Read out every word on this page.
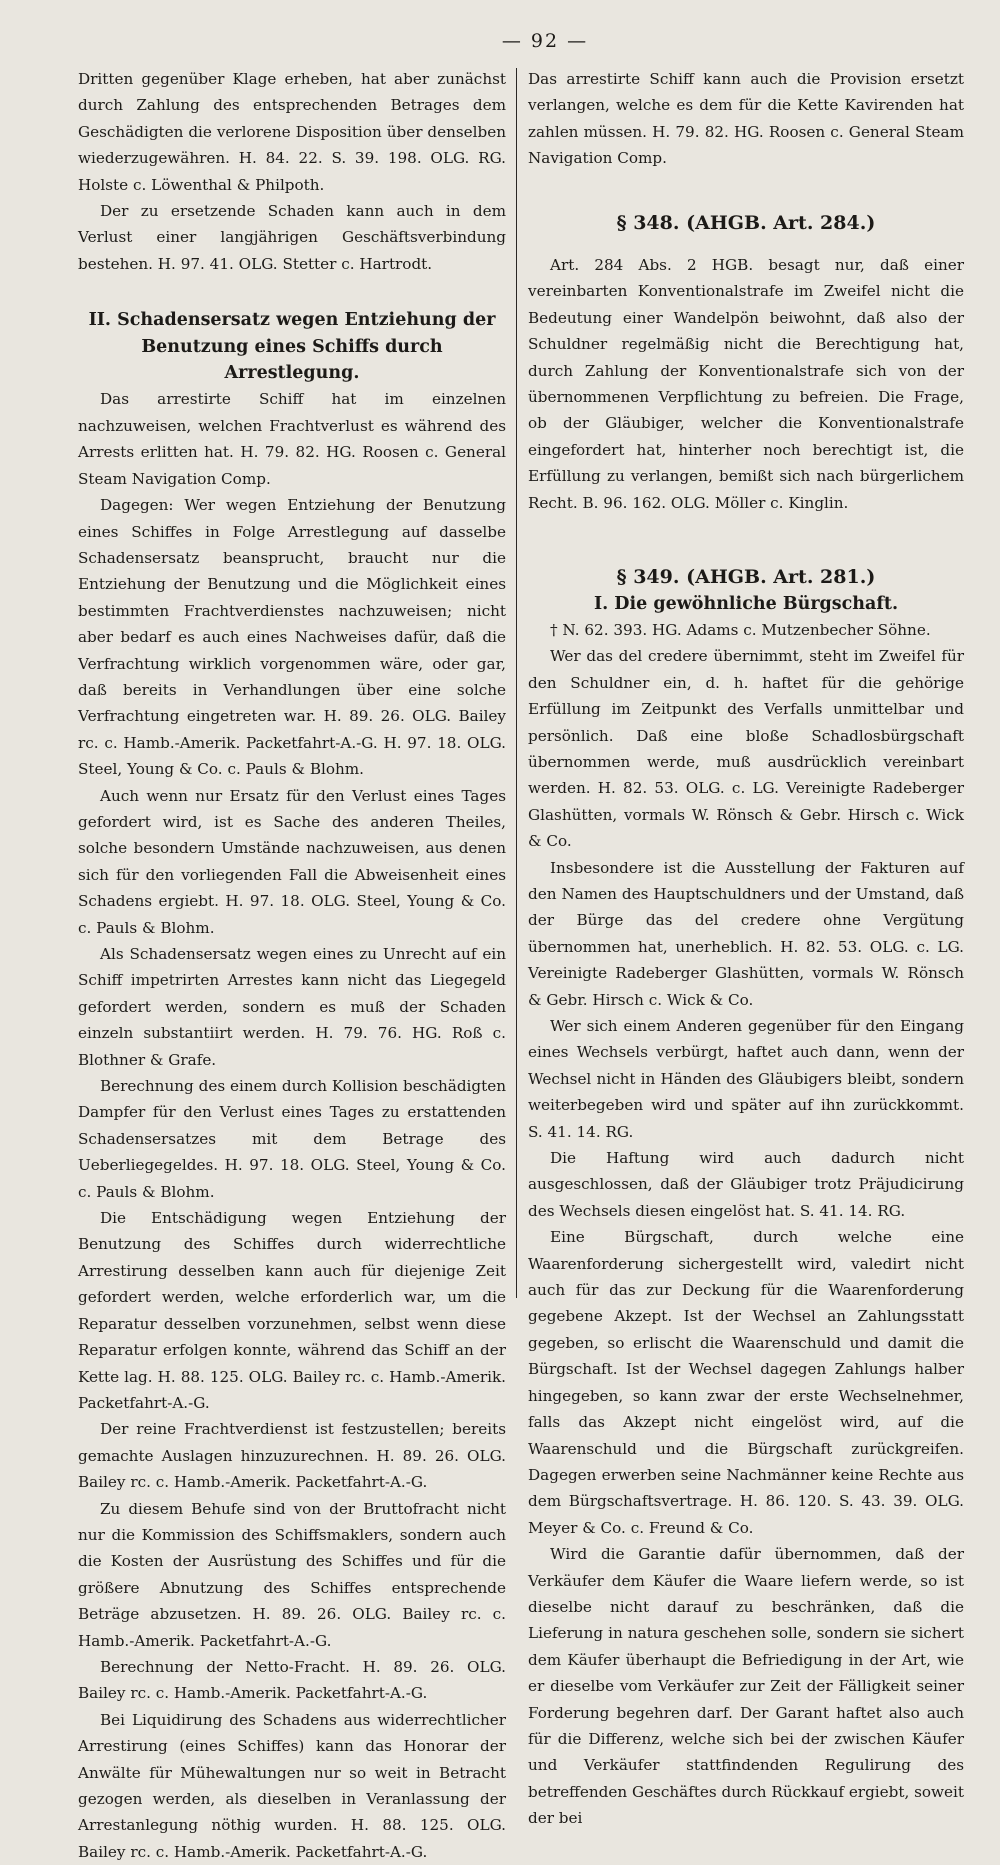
— 92 —

Dritten gegenüber Klage erheben, hat aber zunächst durch Zahlung des entsprechenden Betrages dem Geschädigten die verlorene Disposition über denselben wiederzugewähren. H. 84. 22. S. 39. 198. OLG. RG. Holste c. Löwenthal & Philpoth.

Der zu ersetzende Schaden kann auch in dem Verlust einer langjährigen Geschäftsverbindung bestehen. H. 97. 41. OLG. Stetter c. Hartrodt.

II. Schadensersatz wegen Entziehung der Benutzung eines Schiffs durch Arrestlegung.

Das arrestirte Schiff hat im einzelnen nachzuweisen, welchen Frachtverlust es während des Arrests erlitten hat. H. 79. 82. HG. Roosen c. General Steam Navigation Comp.

Dagegen: Wer wegen Entziehung der Benutzung eines Schiffes in Folge Arrestlegung auf dasselbe Schadensersatz beansprucht, braucht nur die Entziehung der Benutzung und die Möglichkeit eines bestimmten Frachtverdienstes nachzuweisen; nicht aber bedarf es auch eines Nachweises dafür, daß die Verfrachtung wirklich vorgenommen wäre, oder gar, daß bereits in Verhandlungen über eine solche Verfrachtung eingetreten war. H. 89. 26. OLG. Bailey rc. c. Hamb.-Amerik. Packetfahrt-A.-G. H. 97. 18. OLG. Steel, Young & Co. c. Pauls & Blohm.

Auch wenn nur Ersatz für den Verlust eines Tages gefordert wird, ist es Sache des anderen Theiles, solche besondern Umstände nachzuweisen, aus denen sich für den vorliegenden Fall die Abweisenheit eines Schadens ergiebt. H. 97. 18. OLG. Steel, Young & Co. c. Pauls & Blohm.

Als Schadensersatz wegen eines zu Unrecht auf ein Schiff impetrirten Arrestes kann nicht das Liegegeld gefordert werden, sondern es muß der Schaden einzeln substantiirt werden. H. 79. 76. HG. Roß c. Blothner & Grafe.

Berechnung des einem durch Kollision beschädigten Dampfer für den Verlust eines Tages zu erstattenden Schadensersatzes mit dem Betrage des Ueberliegegeldes. H. 97. 18. OLG. Steel, Young & Co. c. Pauls & Blohm.

Die Entschädigung wegen Entziehung der Benutzung des Schiffes durch widerrechtliche Arrestirung desselben kann auch für diejenige Zeit gefordert werden, welche erforderlich war, um die Reparatur desselben vorzunehmen, selbst wenn diese Reparatur erfolgen konnte, während das Schiff an der Kette lag. H. 88. 125. OLG. Bailey rc. c. Hamb.-Amerik. Packetfahrt-A.-G.

Der reine Frachtverdienst ist festzustellen; bereits gemachte Auslagen hinzuzurechnen. H. 89. 26. OLG. Bailey rc. c. Hamb.-Amerik. Packetfahrt-A.-G.

Zu diesem Behufe sind von der Bruttofracht nicht nur die Kommission des Schiffsmaklers, sondern auch die Kosten der Ausrüstung des Schiffes und für die größere Abnutzung des Schiffes entsprechende Beträge abzusetzen. H. 89. 26. OLG. Bailey rc. c. Hamb.-Amerik. Packetfahrt-A.-G.

Berechnung der Netto-Fracht. H. 89. 26. OLG. Bailey rc. c. Hamb.-Amerik. Packetfahrt-A.-G.

Bei Liquidirung des Schadens aus widerrechtlicher Arrestirung (eines Schiffes) kann das Honorar der Anwälte für Mühewaltungen nur so weit in Betracht gezogen werden, als dieselben in Veranlassung der Arrestanlegung nöthig wurden. H. 88. 125. OLG. Bailey rc. c. Hamb.-Amerik. Packetfahrt-A.-G.

Das arrestirte Schiff kann auch die Provision ersetzt verlangen, welche es dem für die Kette Kavirenden hat zahlen müssen. H. 79. 82. HG. Roosen c. General Steam Navigation Comp.

§ 348. (AHGB. Art. 284.)

Art. 284 Abs. 2 HGB. besagt nur, daß einer vereinbarten Konventionalstrafe im Zweifel nicht die Bedeutung einer Wandelpön beiwohnt, daß also der Schuldner regelmäßig nicht die Berechtigung hat, durch Zahlung der Konventionalstrafe sich von der übernommenen Verpflichtung zu befreien. Die Frage, ob der Gläubiger, welcher die Konventionalstrafe eingefordert hat, hinterher noch berechtigt ist, die Erfüllung zu verlangen, bemißt sich nach bürgerlichem Recht. B. 96. 162. OLG. Möller c. Kinglin.

§ 349. (AHGB. Art. 281.)

I. Die gewöhnliche Bürgschaft.

† N. 62. 393. HG. Adams c. Mutzenbecher Söhne.

Wer das del credere übernimmt, steht im Zweifel für den Schuldner ein, d. h. haftet für die gehörige Erfüllung im Zeitpunkt des Verfalls unmittelbar und persönlich. Daß eine bloße Schadlosbürgschaft übernommen werde, muß ausdrücklich vereinbart werden. H. 82. 53. OLG. c. LG. Vereinigte Radeberger Glashütten, vormals W. Rönsch & Gebr. Hirsch c. Wick & Co.

Insbesondere ist die Ausstellung der Fakturen auf den Namen des Hauptschuldners und der Umstand, daß der Bürge das del credere ohne Vergütung übernommen hat, unerheblich. H. 82. 53. OLG. c. LG. Vereinigte Radeberger Glashütten, vormals W. Rönsch & Gebr. Hirsch c. Wick & Co.

Wer sich einem Anderen gegenüber für den Eingang eines Wechsels verbürgt, haftet auch dann, wenn der Wechsel nicht in Händen des Gläubigers bleibt, sondern weiterbegeben wird und später auf ihn zurückkommt. S. 41. 14. RG.

Die Haftung wird auch dadurch nicht ausgeschlossen, daß der Gläubiger trotz Präjudicirung des Wechsels diesen eingelöst hat. S. 41. 14. RG.

Eine Bürgschaft, durch welche eine Waarenforderung sichergestellt wird, valedirt nicht auch für das zur Deckung für die Waarenforderung gegebene Akzept. Ist der Wechsel an Zahlungsstatt gegeben, so erlischt die Waarenschuld und damit die Bürgschaft. Ist der Wechsel dagegen Zahlungs halber hingegeben, so kann zwar der erste Wechselnehmer, falls das Akzept nicht eingelöst wird, auf die Waarenschuld und die Bürgschaft zurückgreifen. Dagegen erwerben seine Nachmänner keine Rechte aus dem Bürgschaftsvertrage. H. 86. 120. S. 43. 39. OLG. Meyer & Co. c. Freund & Co.

Wird die Garantie dafür übernommen, daß der Verkäufer dem Käufer die Waare liefern werde, so ist dieselbe nicht darauf zu beschränken, daß die Lieferung in natura geschehen solle, sondern sie sichert dem Käufer überhaupt die Befriedigung in der Art, wie er dieselbe vom Verkäufer zur Zeit der Fälligkeit seiner Forderung begehren darf. Der Garant haftet also auch für die Differenz, welche sich bei der zwischen Käufer und Verkäufer stattfindenden Regulirung des betreffenden Geschäftes durch Rückkauf ergiebt, soweit der bei
